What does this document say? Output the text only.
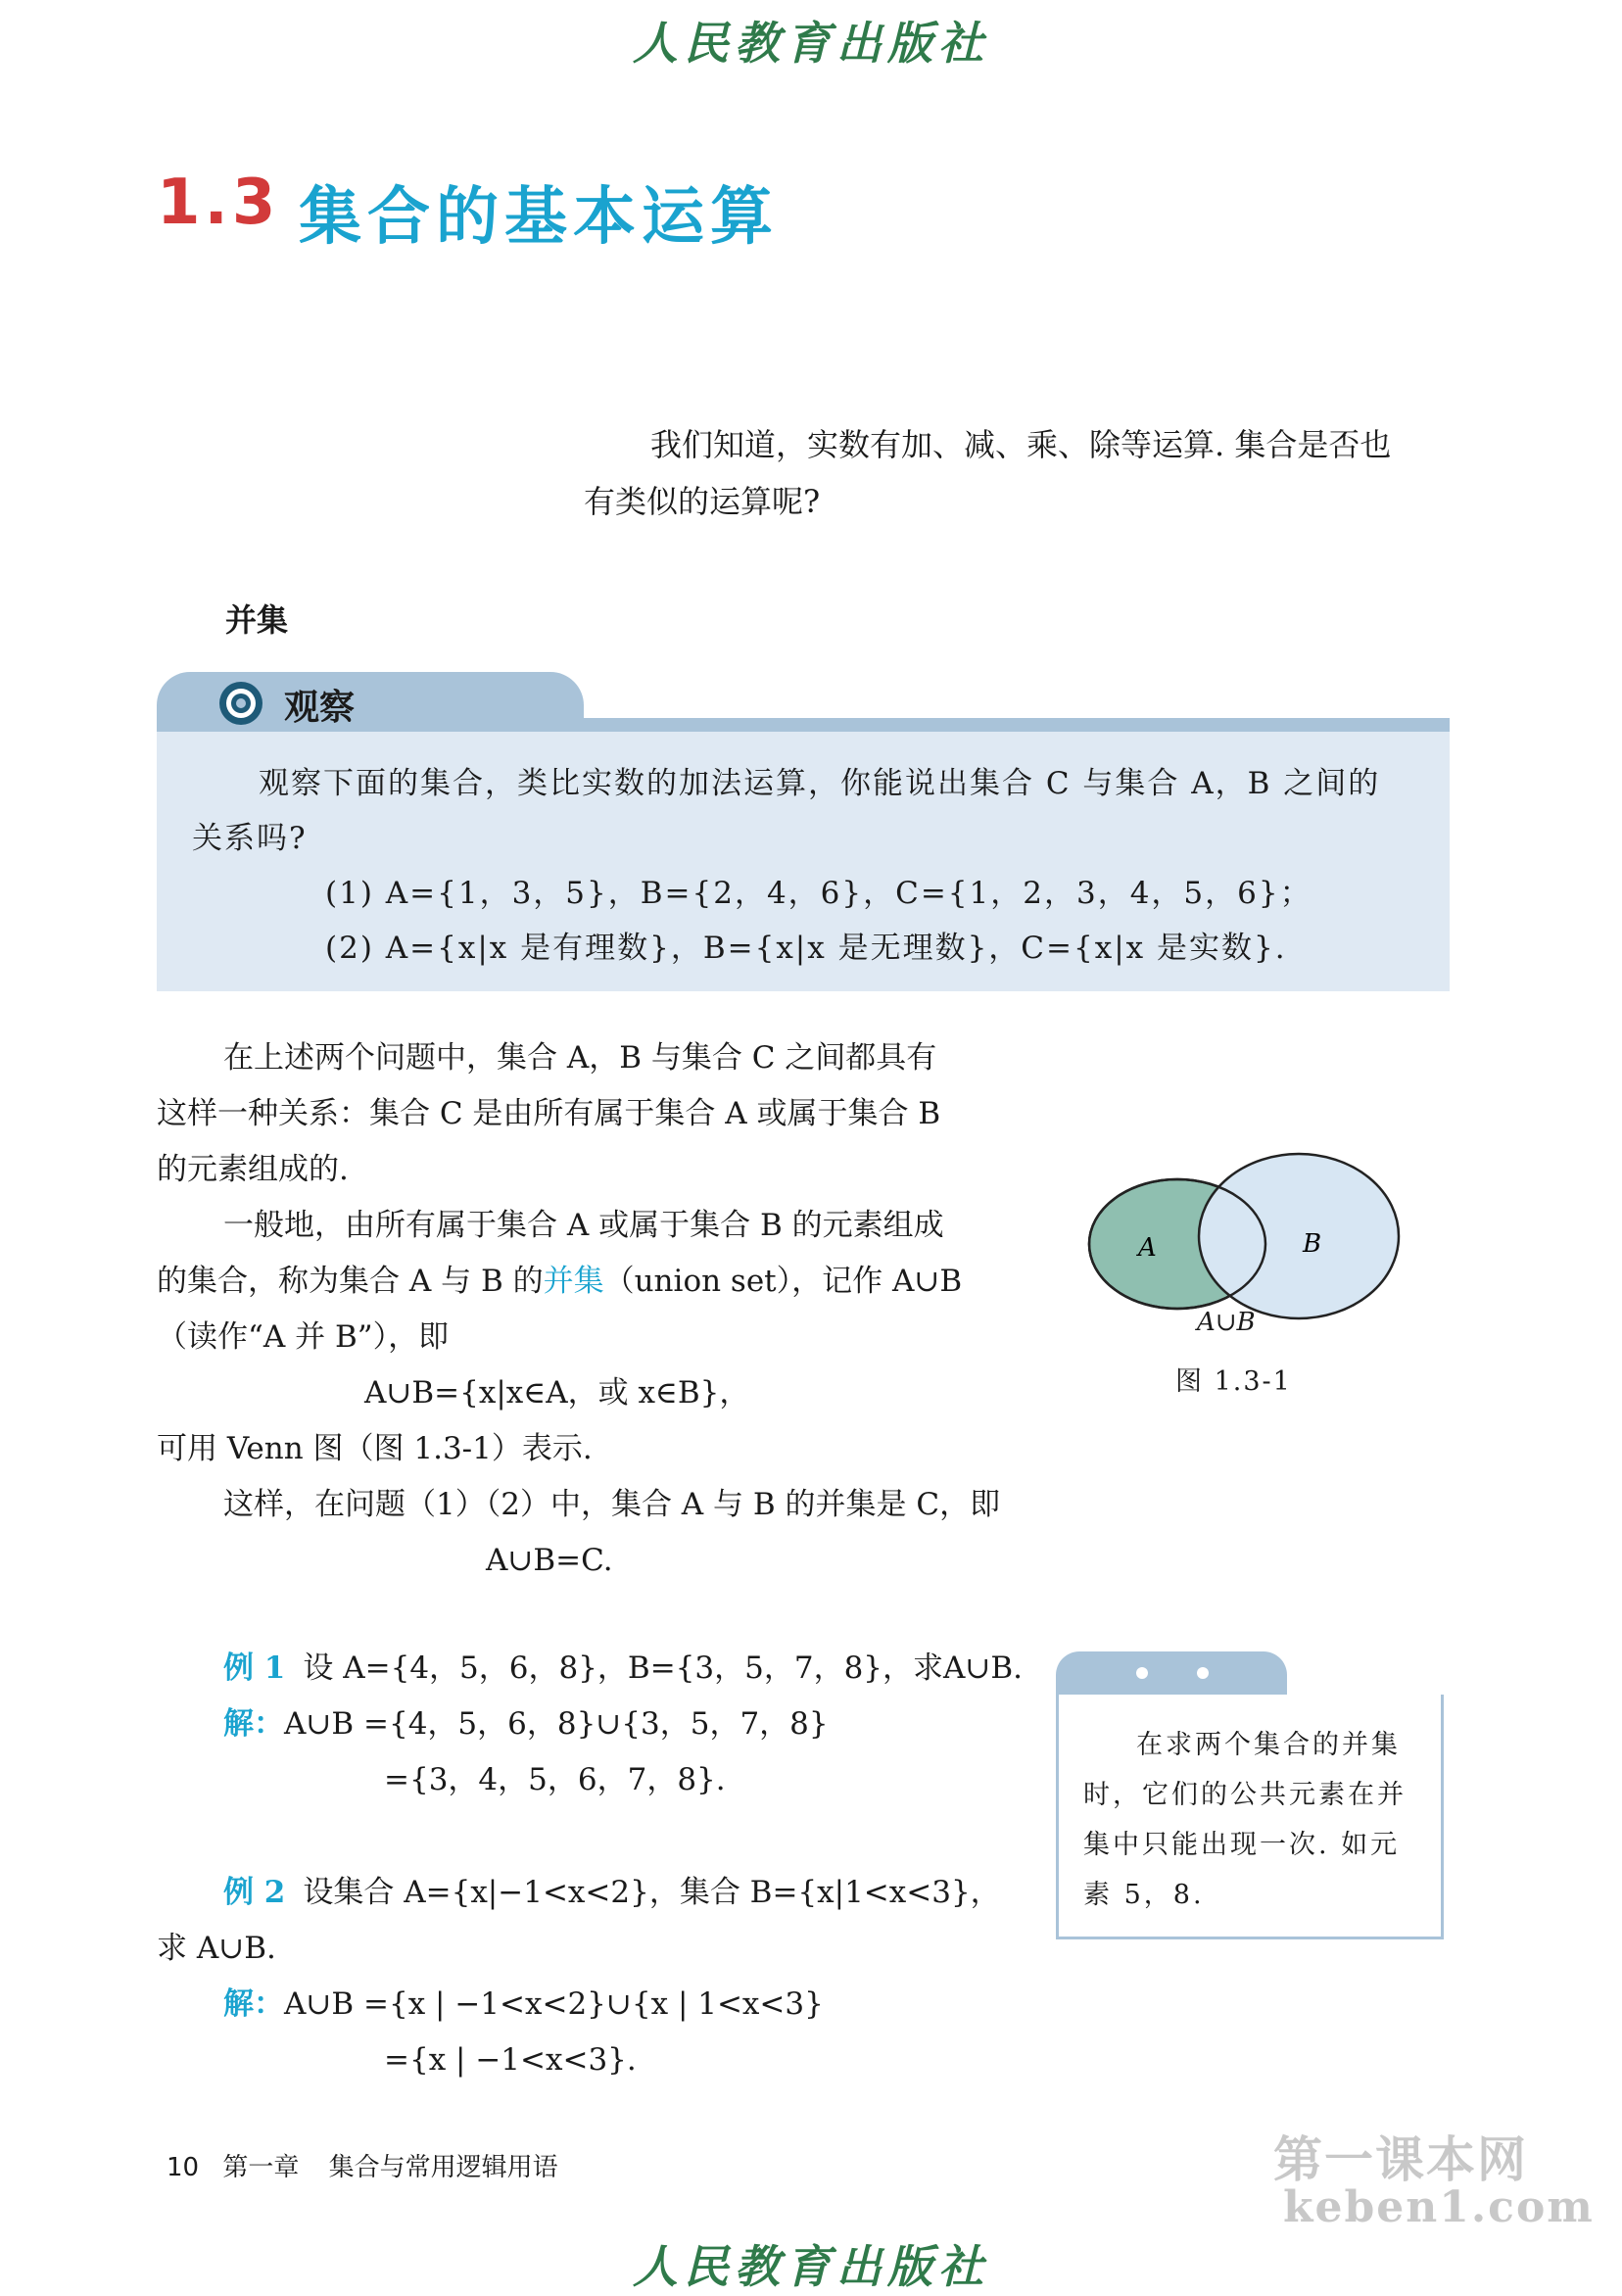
人民教育出版社
1.3 集合的基本运算
我们知道，实数有加、减、乘、除等运算. 集合是否也
有类似的运算呢?
并集
观察
观察下面的集合，类比实数的加法运算，你能说出集合 C 与集合 A，B 之间的
关系吗?
(1) A={1，3，5}，B={2，4，6}，C={1，2，3，4，5，6}；
(2) A={x|x 是有理数}，B={x|x 是无理数}，C={x|x 是实数}.
在上述两个问题中，集合 A，B 与集合 C 之间都具有
这样一种关系：集合 C 是由所有属于集合 A 或属于集合 B
的元素组成的.
一般地，由所有属于集合 A 或属于集合 B 的元素组成
的集合，称为集合 A 与 B 的并集（union set），记作 A∪B
（读作“A 并 B”），即
A∪B={x|x∈A，或 x∈B}，
可用 Venn 图（图 1.3-1）表示.
这样，在问题（1）（2）中，集合 A 与 B 的并集是 C，即
A∪B=C.
A	B
A∪B
图 1.3-1
例 1 设 A={4，5，6，8}，B={3，5，7，8}，求A∪B.
解：A∪B ={4，5，6，8}∪{3，5，7，8}
={3，4，5，6，7，8}.
例 2 设集合 A={x|−1<x<2}，集合 B={x|1<x<3}，
求 A∪B.
解：A∪B ={x | −1<x<2}∪{x | 1<x<3}
={x | −1<x<3}.
在求两个集合的并集
时，它们的公共元素在并
集中只能出现一次. 如元
素 5，8.
10 第一章 集合与常用逻辑用语	第一课本网
keben1.com
人民教育出版社
